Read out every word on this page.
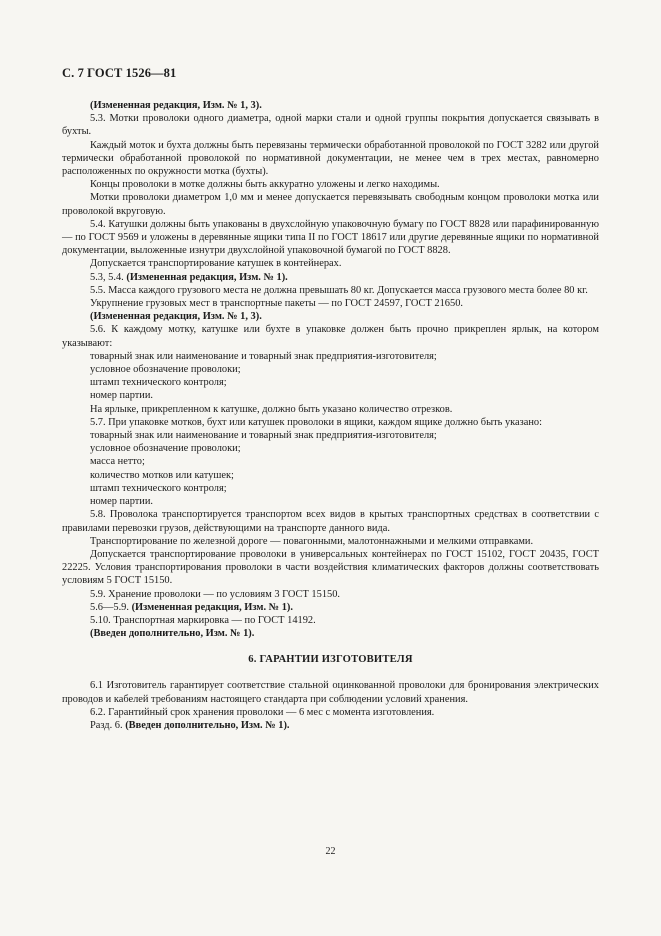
С. 7 ГОСТ 1526—81

(Измененная редакция, Изм. № 1, 3).

5.3. Мотки проволоки одного диаметра, одной марки стали и одной группы покрытия допускается связывать в бухты.

Каждый моток и бухта должны быть перевязаны термически обработанной проволокой по ГОСТ 3282 или другой термически обработанной проволокой по нормативной документации, не менее чем в трех местах, равномерно расположенных по окружности мотка (бухты).

Концы проволоки в мотке должны быть аккуратно уложены и легко находимы.

Мотки проволоки диаметром 1,0 мм и менее допускается перевязывать свободным концом проволоки мотка или проволокой вкруговую.

5.4. Катушки должны быть упакованы в двухслойную упаковочную бумагу по ГОСТ 8828 или парафинированную — по ГОСТ 9569 и уложены в деревянные ящики типа II по ГОСТ 18617 или другие деревянные ящики по нормативной документации, выложенные изнутри двухслойной упаковочной бумагой по ГОСТ 8828.

Допускается транспортирование катушек в контейнерах.

5.3, 5.4. (Измененная редакция, Изм. № 1).

5.5. Масса каждого грузового места не должна превышать 80 кг. Допускается масса грузового места более 80 кг.

Укрупнение грузовых мест в транспортные пакеты — по ГОСТ 24597, ГОСТ 21650.

(Измененная редакция, Изм. № 1, 3).

5.6. К каждому мотку, катушке или бухте в упаковке должен быть прочно прикреплен ярлык, на котором указывают:

товарный знак или наименование и товарный знак предприятия-изготовителя;

условное обозначение проволоки;

штамп технического контроля;

номер партии.

На ярлыке, прикрепленном к катушке, должно быть указано количество отрезков.

5.7. При упаковке мотков, бухт или катушек проволоки в ящики, каждом ящике должно быть указано:

товарный знак или наименование и товарный знак предприятия-изготовителя;

условное обозначение проволоки;

масса нетто;

количество мотков или катушек;

штамп технического контроля;

номер партии.

5.8. Проволока транспортируется транспортом всех видов в крытых транспортных средствах в соответствии с правилами перевозки грузов, действующими на транспорте данного вида.

Транспортирование по железной дороге — повагонными, малотоннажными и мелкими отправками.

Допускается транспортирование проволоки в универсальных контейнерах по ГОСТ 15102, ГОСТ 20435, ГОСТ 22225. Условия транспортирования проволоки в части воздействия климатических факторов должны соответствовать условиям 5 ГОСТ 15150.

5.9. Хранение проволоки — по условиям 3 ГОСТ 15150.

5.6—5.9. (Измененная редакция, Изм. № 1).

5.10. Транспортная маркировка — по ГОСТ 14192.

(Введен дополнительно, Изм. № 1).

6. ГАРАНТИИ ИЗГОТОВИТЕЛЯ

6.1 Изготовитель гарантирует соответствие стальной оцинкованной проволоки для бронирования электрических проводов и кабелей требованиям настоящего стандарта при соблюдении условий хранения.

6.2. Гарантийный срок хранения проволоки — 6 мес с момента изготовления.

Разд. 6. (Введен дополнительно, Изм. № 1).

22
